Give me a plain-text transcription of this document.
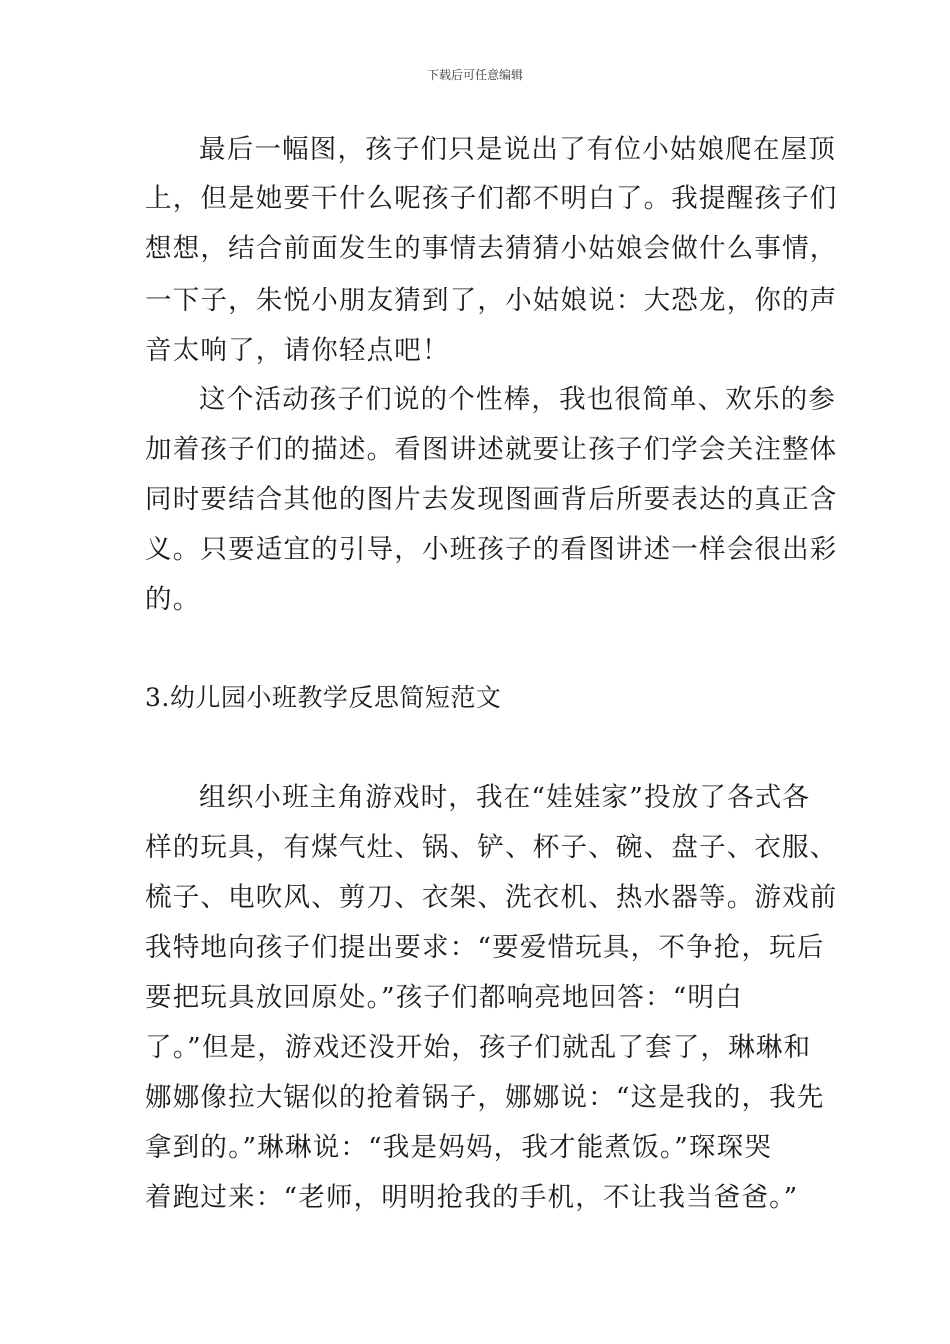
下载后可任意编辑
最后一幅图，孩子们只是说出了有位小姑娘爬在屋顶
上，但是她要干什么呢孩子们都不明白了。我提醒孩子们
想想，结合前面发生的事情去猜猜小姑娘会做什么事情，
一下子，朱悦小朋友猜到了，小姑娘说：大恐龙，你的声
音太响了，请你轻点吧！
这个活动孩子们说的个性棒，我也很简单、欢乐的参
加着孩子们的描述。看图讲述就要让孩子们学会关注整体
同时要结合其他的图片去发现图画背后所要表达的真正含
义。只要适宜的引导，小班孩子的看图讲述一样会很出彩
的。
3.幼儿园小班教学反思简短范文
组织小班主角游戏时，我在“娃娃家”投放了各式各
样的玩具，有煤气灶、锅、铲、杯子、碗、盘子、衣服、
梳子、电吹风、剪刀、衣架、洗衣机、热水器等。游戏前
我特地向孩子们提出要求：“要爱惜玩具，不争抢，玩后
要把玩具放回原处。”孩子们都响亮地回答：“明白
了。”但是，游戏还没开始，孩子们就乱了套了，琳琳和
娜娜像拉大锯似的抢着锅子，娜娜说：“这是我的，我先
拿到的。”琳琳说：“我是妈妈，我才能煮饭。”琛琛哭
着跑过来：“老师，明明抢我的手机，不让我当爸爸。”
